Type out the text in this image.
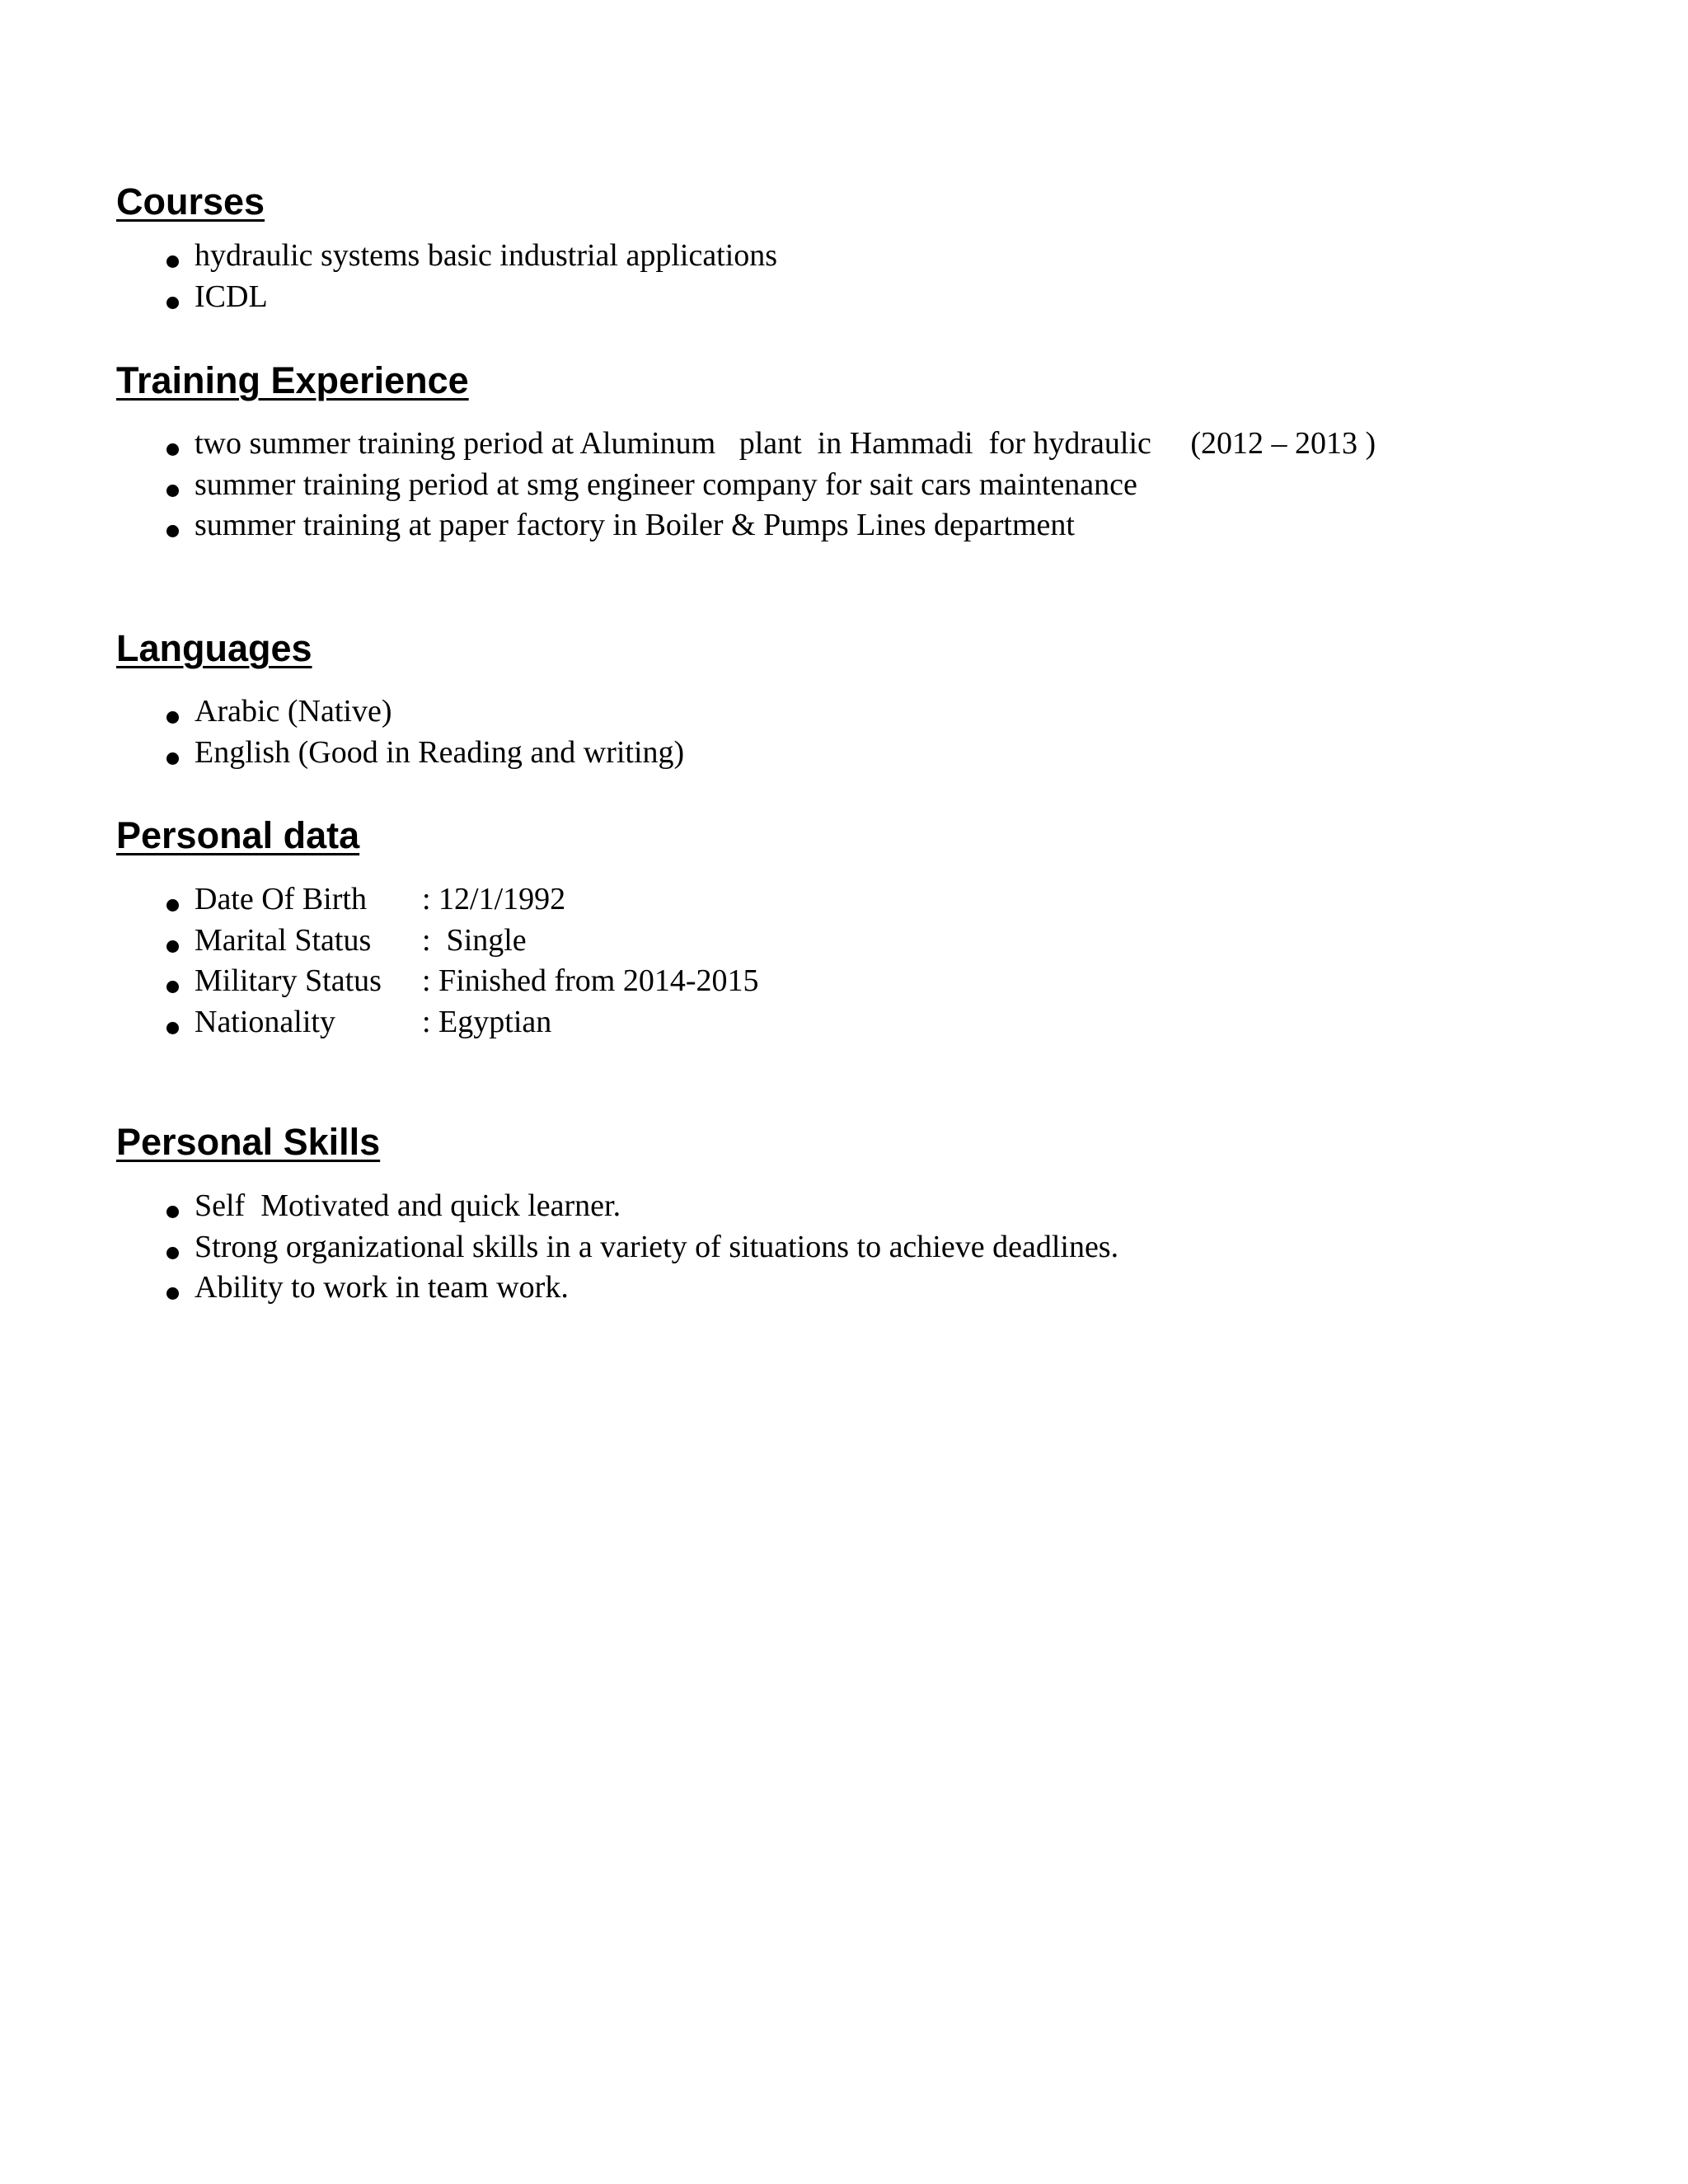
Courses
hydraulic systems basic industrial applications
ICDL
Training Experience
two summer training period at Aluminum   plant  in Hammadi  for hydraulic     (2012 – 2013 )
summer training period at smg engineer company for sait cars maintenance
summer training at paper factory in Boiler & Pumps Lines department
Languages
Arabic (Native)
English (Good in Reading and writing)
Personal data
Date Of Birth : 12/1/1992
Marital Status :  Single
Military Status : Finished from 2014-2015
Nationality	: Egyptian
Personal Skills
Self  Motivated and quick learner.
Strong organizational skills in a variety of situations to achieve deadlines.
Ability to work in team work.
